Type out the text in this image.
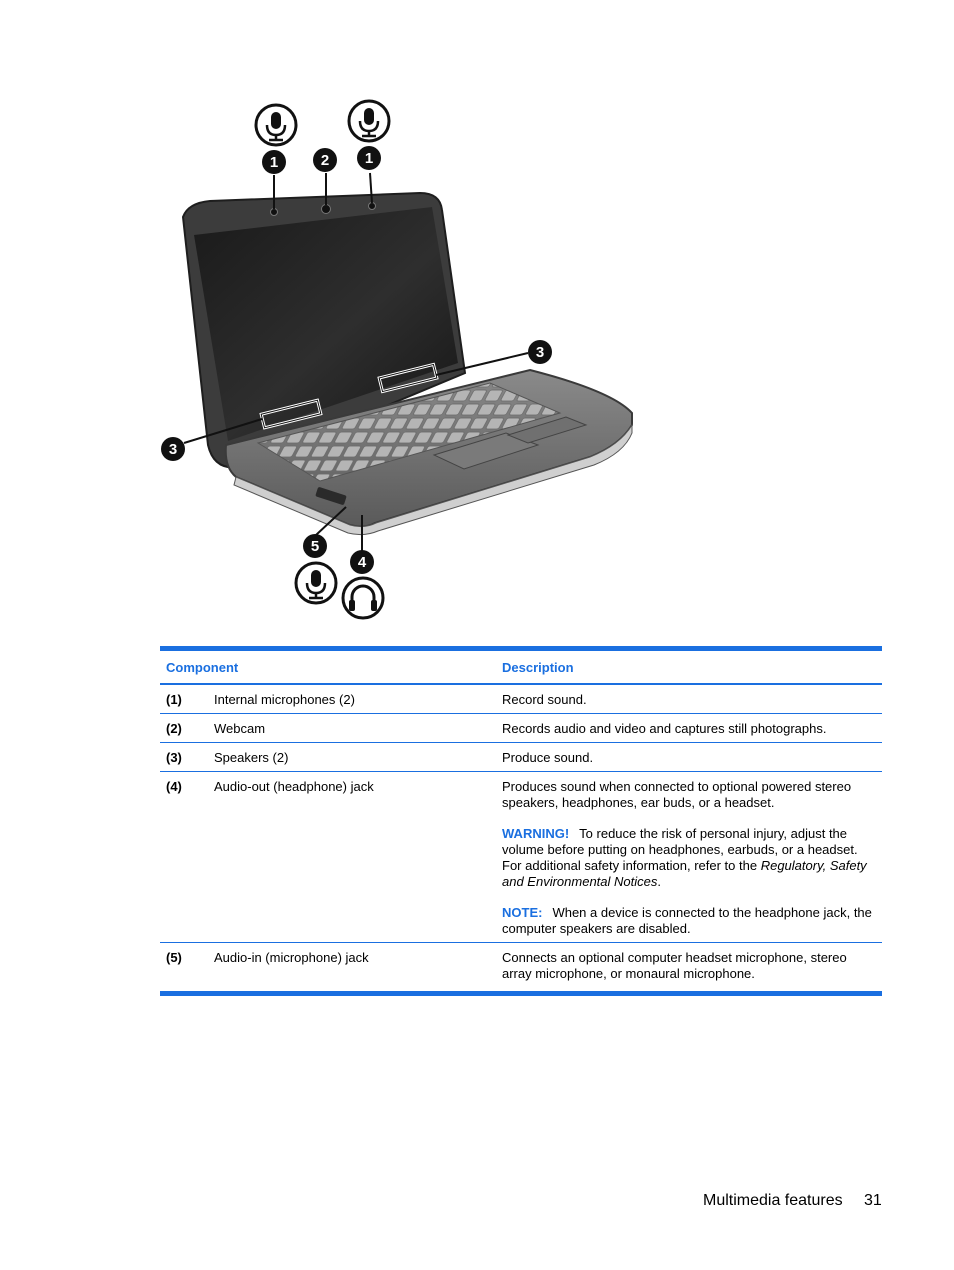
1	2 1
3
3
5
4
Component		Description
(1)	Internal microphones (2)	Record sound.
(2)	Webcam	Records audio and video and captures still photographs.
(3)	Speakers (2)	Produce sound.
(4)	Audio-out (headphone) jack	Produces sound when connected to optional powered stereo speakers, headphones, ear buds, or a headset.

WARNING! To reduce the risk of personal injury, adjust the volume before putting on headphones, earbuds, or a headset. For additional safety information, refer to the Regulatory, Safety and Environmental Notices.

NOTE: When a device is connected to the headphone jack, the computer speakers are disabled.

(5)	Audio-in (microphone) jack	Connects an optional computer headset microphone, stereo array microphone, or monaural microphone.
Multimedia features 31
